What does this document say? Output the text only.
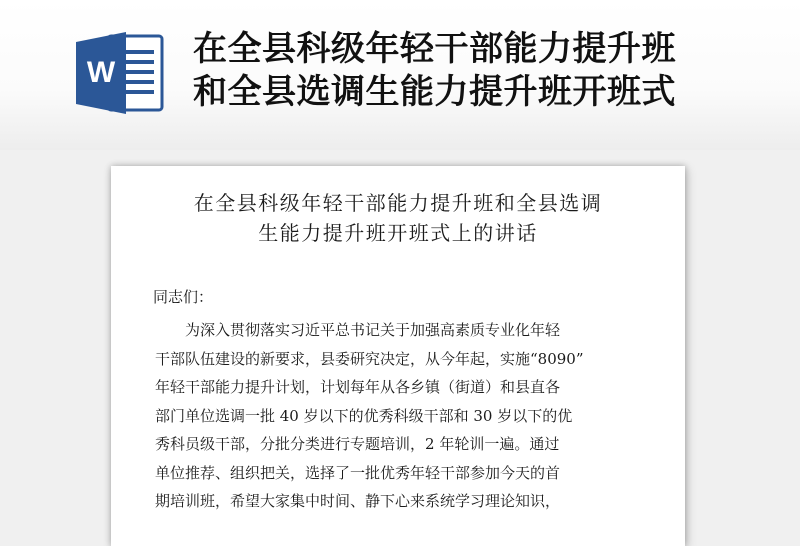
W
在全县科级年轻干部能力提升班
和全县选调生能力提升班开班式
在全县科级年轻干部能力提升班和全县选调
生能力提升班开班式上的讲话
同志们：
为深入贯彻落实习近平总书记关于加强高素质专业化年轻
干部队伍建设的新要求，县委研究决定，从今年起，实施“8090”
年轻干部能力提升计划，计划每年从各乡镇（街道）和县直各
部门单位选调一批 40 岁以下的优秀科级干部和 30 岁以下的优
秀科员级干部，分批分类进行专题培训，2 年轮训一遍。通过
单位推荐、组织把关，选择了一批优秀年轻干部参加今天的首
期培训班，希望大家集中时间、静下心来系统学习理论知识，
